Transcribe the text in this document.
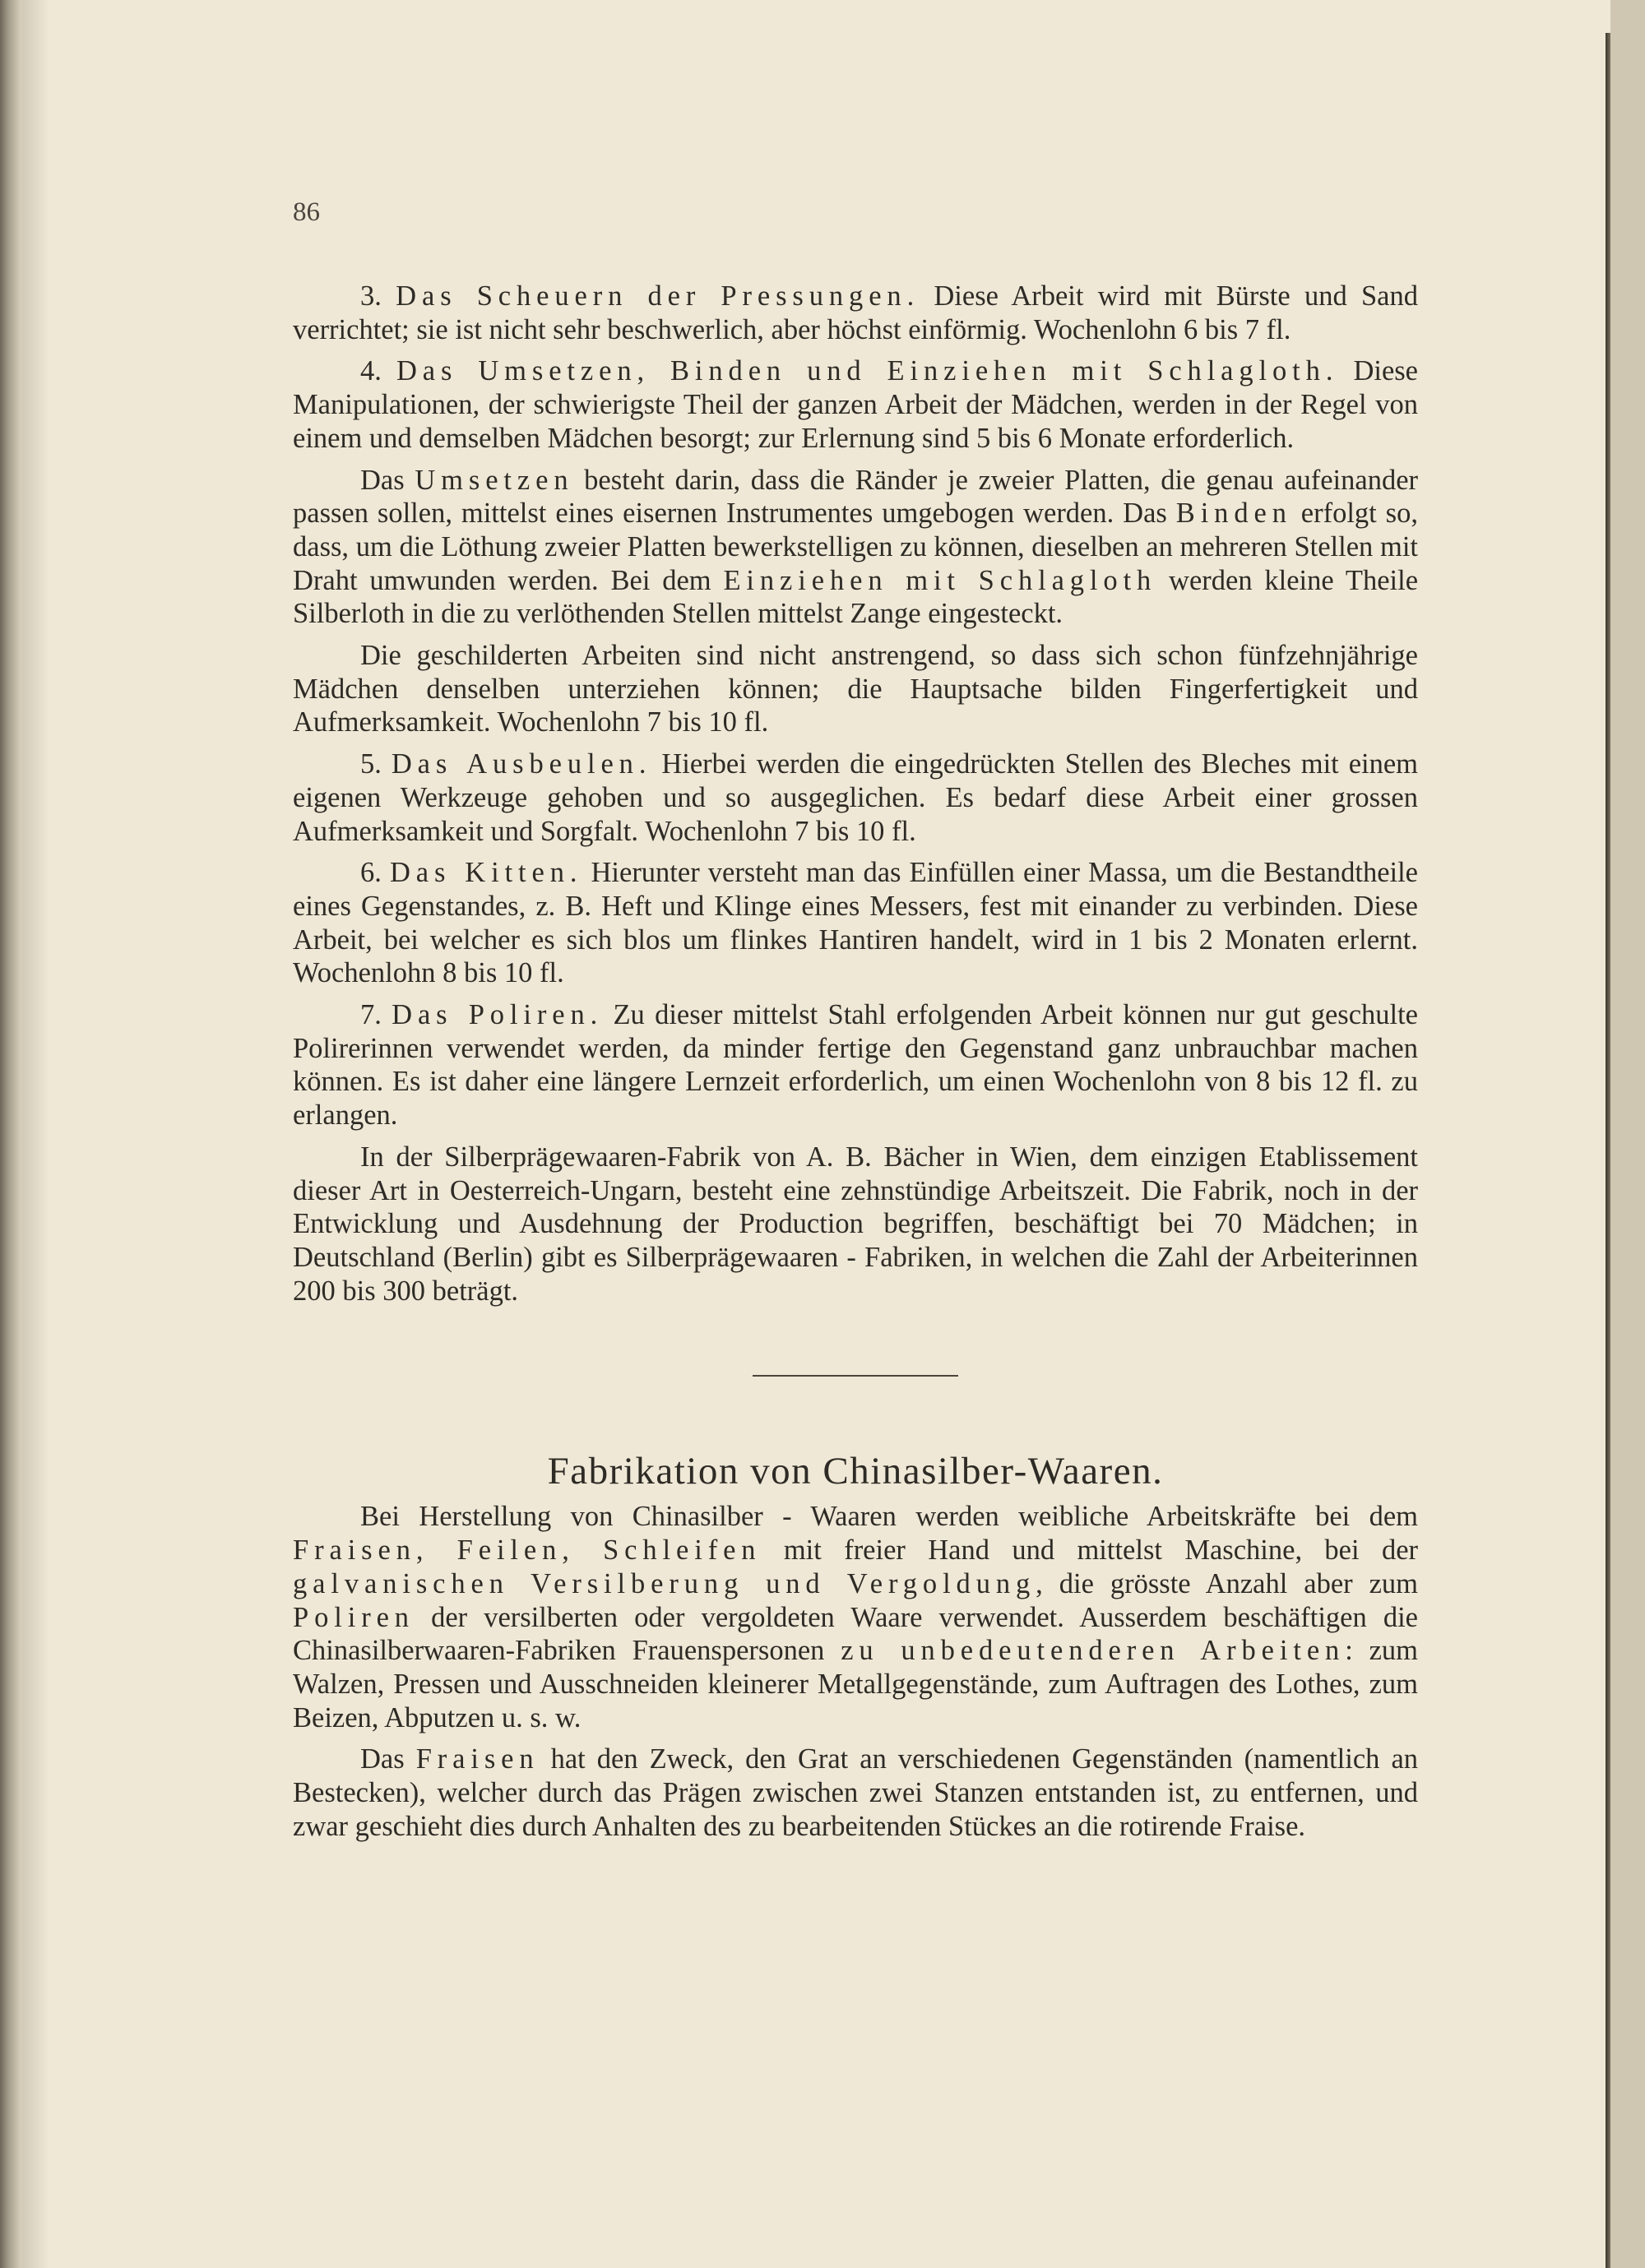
86

3. Das Scheuern der Pressungen. Diese Arbeit wird mit Bürste und Sand verrichtet; sie ist nicht sehr beschwerlich, aber höchst einförmig. Wochenlohn 6 bis 7 fl.

4. Das Umsetzen, Binden und Einziehen mit Schlagloth. Diese Manipulationen, der schwierigste Theil der ganzen Arbeit der Mädchen, werden in der Regel von einem und demselben Mädchen besorgt; zur Erlernung sind 5 bis 6 Monate erforderlich.

Das Umsetzen besteht darin, dass die Ränder je zweier Platten, die genau aufeinander passen sollen, mittelst eines eisernen Instrumentes umgebogen werden. Das Binden erfolgt so, dass, um die Löthung zweier Platten bewerkstelligen zu können, dieselben an mehreren Stellen mit Draht umwunden werden. Bei dem Einziehen mit Schlagloth werden kleine Theile Silberloth in die zu verlöthenden Stellen mittelst Zange eingesteckt.

Die geschilderten Arbeiten sind nicht anstrengend, so dass sich schon fünfzehnjährige Mädchen denselben unterziehen können; die Hauptsache bilden Fingerfertigkeit und Aufmerksamkeit. Wochenlohn 7 bis 10 fl.

5. Das Ausbeulen. Hierbei werden die eingedrückten Stellen des Bleches mit einem eigenen Werkzeuge gehoben und so ausgeglichen. Es bedarf diese Arbeit einer grossen Aufmerksamkeit und Sorgfalt. Wochenlohn 7 bis 10 fl.

6. Das Kitten. Hierunter versteht man das Einfüllen einer Massa, um die Bestandtheile eines Gegenstandes, z. B. Heft und Klinge eines Messers, fest mit einander zu verbinden. Diese Arbeit, bei welcher es sich blos um flinkes Hantiren handelt, wird in 1 bis 2 Monaten erlernt. Wochenlohn 8 bis 10 fl.

7. Das Poliren. Zu dieser mittelst Stahl erfolgenden Arbeit können nur gut geschulte Polirerinnen verwendet werden, da minder fertige den Gegenstand ganz unbrauchbar machen können. Es ist daher eine längere Lernzeit erforderlich, um einen Wochenlohn von 8 bis 12 fl. zu erlangen.

In der Silberprägewaaren-Fabrik von A. B. Bächer in Wien, dem einzigen Etablissement dieser Art in Oesterreich-Ungarn, besteht eine zehnstündige Arbeitszeit. Die Fabrik, noch in der Entwicklung und Ausdehnung der Production begriffen, beschäftigt bei 70 Mädchen; in Deutschland (Berlin) gibt es Silberprägewaaren - Fabriken, in welchen die Zahl der Arbeiterinnen 200 bis 300 beträgt.

Fabrikation von Chinasilber-Waaren.

Bei Herstellung von Chinasilber - Waaren werden weibliche Arbeitskräfte bei dem Fraisen, Feilen, Schleifen mit freier Hand und mittelst Maschine, bei der galvanischen Versilberung und Vergoldung, die grösste Anzahl aber zum Poliren der versilberten oder vergoldeten Waare verwendet. Ausserdem beschäftigen die Chinasilberwaaren-Fabriken Frauenspersonen zu unbedeutenderen Arbeiten: zum Walzen, Pressen und Ausschneiden kleinerer Metallgegenstände, zum Auftragen des Lothes, zum Beizen, Abputzen u. s. w.

Das Fraisen hat den Zweck, den Grat an verschiedenen Gegenständen (namentlich an Bestecken), welcher durch das Prägen zwischen zwei Stanzen entstanden ist, zu entfernen, und zwar geschieht dies durch Anhalten des zu bearbeitenden Stückes an die rotirende Fraise.
